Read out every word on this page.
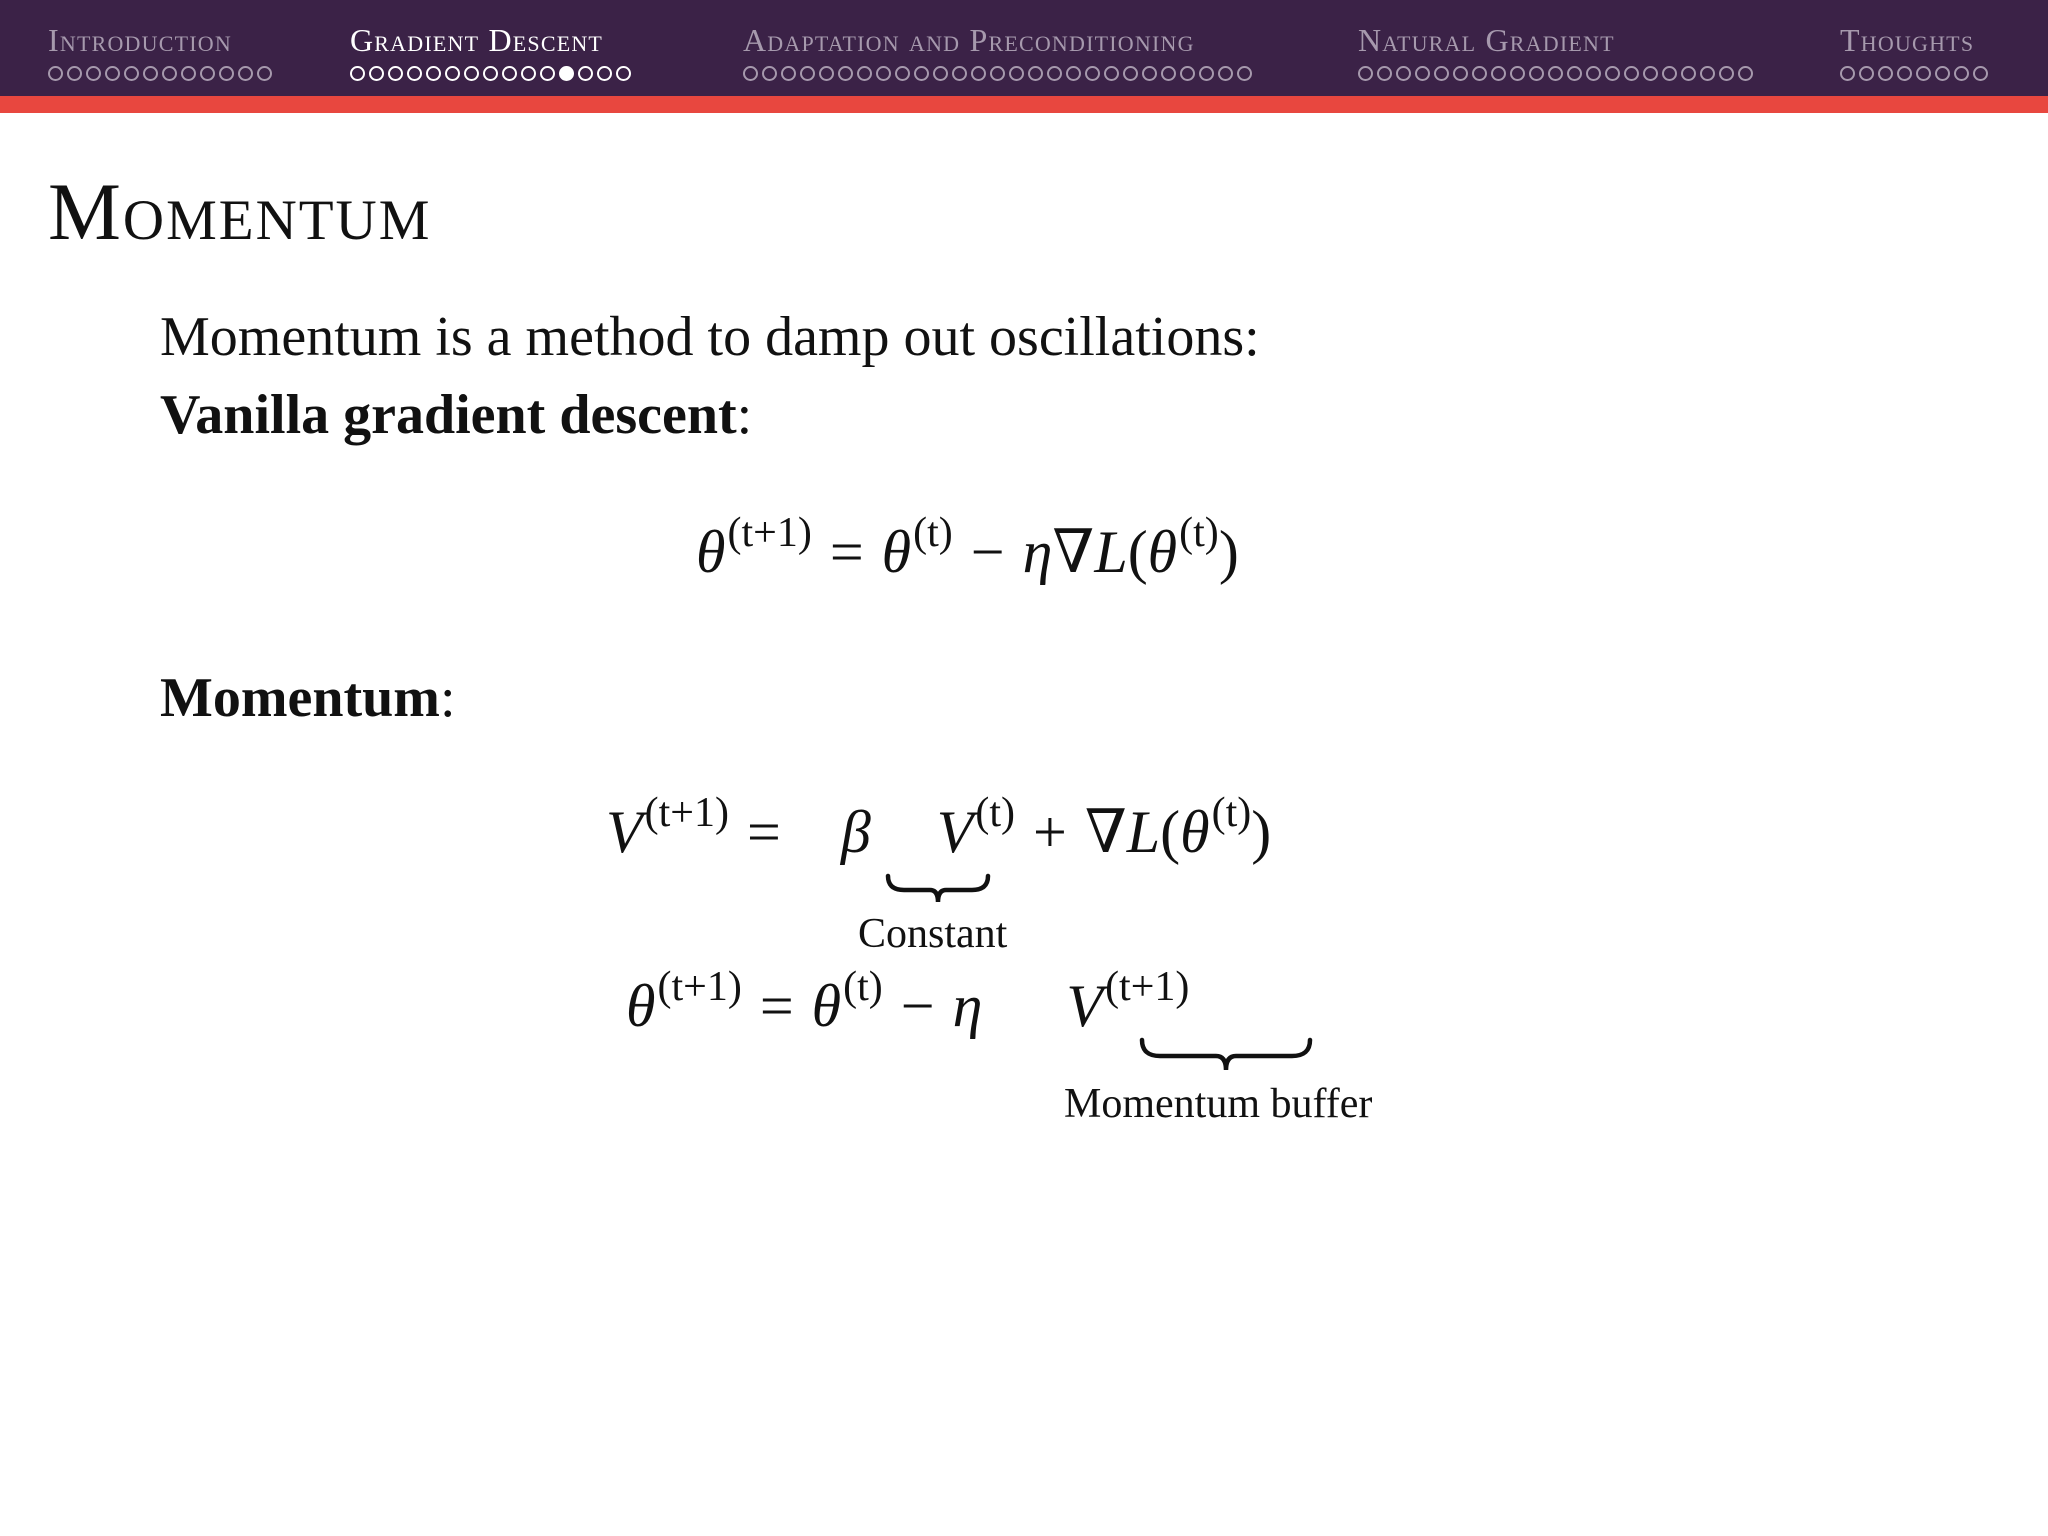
Introduction	Gradient Descent	Adaptation and Preconditioning	Natural Gradient	Thoughts
Momentum
Momentum is a method to damp out oscillations:
Vanilla gradient descent:
$\theta^{(t+1)} = \theta^{(t)} - \eta\nabla L(\theta^{(t)})$
Momentum:
$V^{(t+1)} = \beta$ $V^{(t)} + \nabla L(\theta^{(t)})$
Constant
$\theta^{(t+1)} = \theta^{(t)} - \eta$ $V^{(t+1)}$
Momentum buffer
